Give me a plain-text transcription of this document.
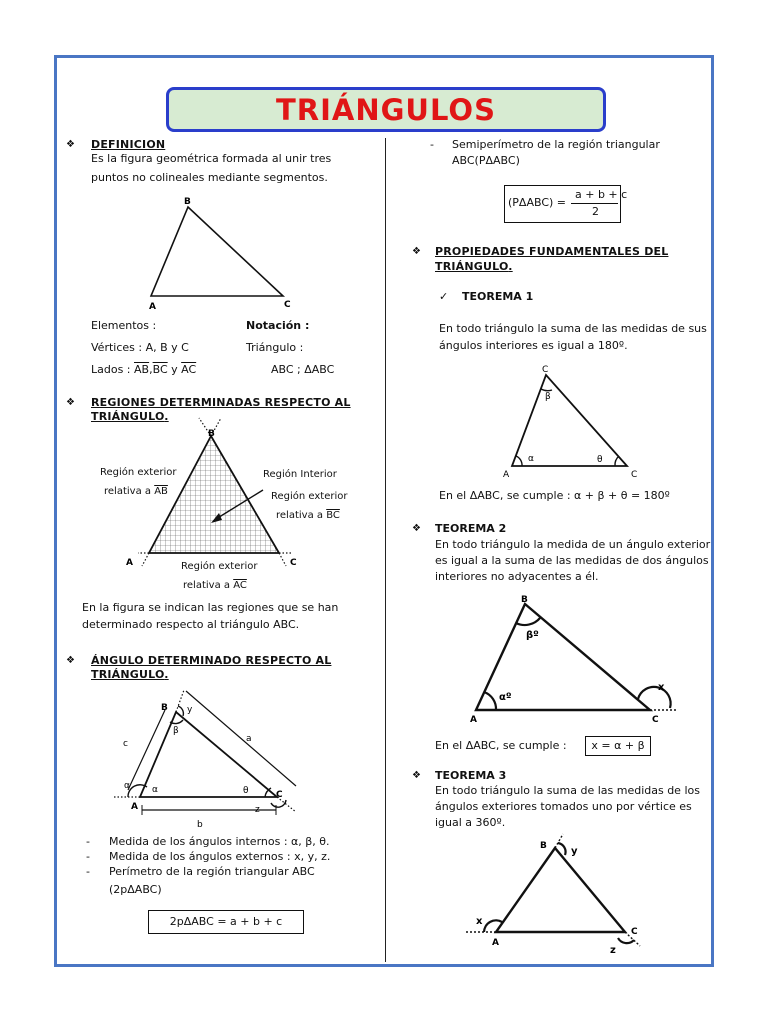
TRIÁNGULOS
❖ DEFINICION
Es la figura geométrica formada al unir tres
puntos no colineales mediante segmentos.
B
A	C
Elementos :	Notación :
Vértices : A, B y C	Triángulo :
Lados : $\overline{AB},\overline{BC}$ y $\overline{AC}$	ABC ; ΔABC
❖ REGIONES DETERMINADAS RESPECTO AL
TRIÁNGULO.
B
A	C
Región exterior
relativa a $\overline{AB}$
Región Interior
Región exterior
relativa a $\overline{BC}$
Región exterior
relativa a $\overline{AC}$
En la figura se indican las regiones que se han
determinado respecto al triángulo ABC.
❖ ÁNGULO DETERMINADO RESPECTO AL
TRIÁNGULO.
A
B
C
c	a
b
α
β
θ
α
y
z
- Medida de los ángulos internos : α, β, θ.
- Medida de los ángulos externos : x, y, z.
- Perímetro de la región triangular ABC
(2pΔABC)
2pΔABC = a + b + c
- Semiperímetro de la región triangular
ABC(PΔABC)
(PΔABC) =
a + b + c
2
❖ PROPIEDADES FUNDAMENTALES DEL
TRIÁNGULO.
✓ TEOREMA 1
En todo triángulo la suma de las medidas de sus
ángulos interiores es igual a 180º.
C
A	C
β
α	θ
En el ΔABC, se cumple : α + β + θ = 180º
❖ TEOREMA 2
En todo triángulo la medida de un ángulo exterior
es igual a la suma de las medidas de dos ángulos
interiores no adyacentes a él.
B
A	C
βº
αº
x
En el ΔABC, se cumple :	x = α + β
❖ TEOREMA 3
En todo triángulo la suma de las medidas de los
ángulos exteriores tomados uno por vértice es
igual a 360º.
B
A
C
x
y
z
